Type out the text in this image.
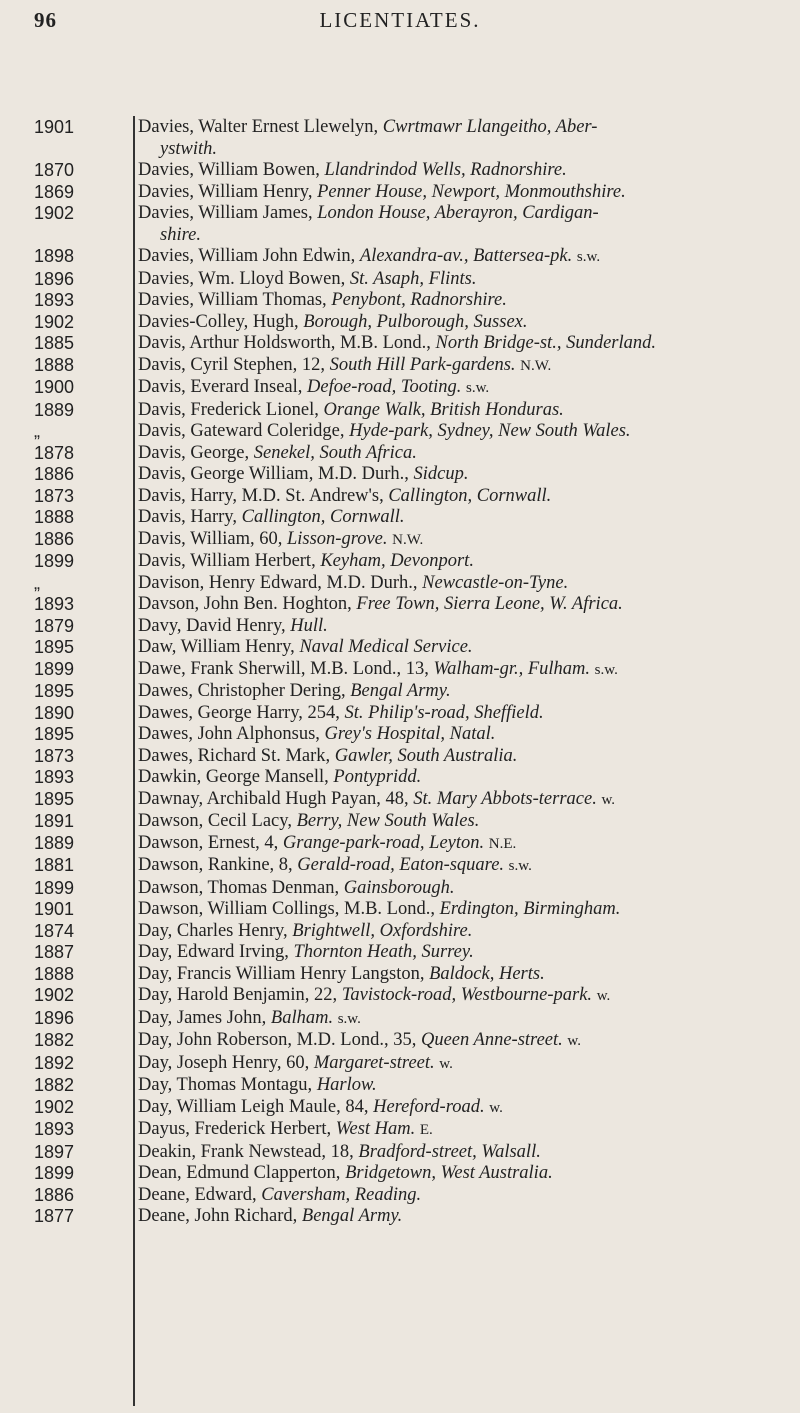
96	LICENTIATES.
1901	Davies, Walter Ernest Llewelyn, Cwrtmawr Llangeitho, Aber-
ystwith.
1870	Davies, William Bowen, Llandrindod Wells, Radnorshire.
1869	Davies, William Henry, Penner House, Newport, Monmouthshire.
1902	Davies, William James, London House, Aberayron, Cardigan-
shire.
1898	Davies, William John Edwin, Alexandra-av., Battersea-pk. s.w.
1896	Davies, Wm. Lloyd Bowen, St. Asaph, Flints.
1893	Davies, William Thomas, Penybont, Radnorshire.
1902	Davies-Colley, Hugh, Borough, Pulborough, Sussex.
1885	Davis, Arthur Holdsworth, M.B. Lond., North Bridge-st., Sunderland.
1888	Davis, Cyril Stephen, 12, South Hill Park-gardens. N.W.
1900	Davis, Everard Inseal, Defoe-road, Tooting. s.w.
1889	Davis, Frederick Lionel, Orange Walk, British Honduras.
„	Davis, Gateward Coleridge, Hyde-park, Sydney, New South Wales.
1878	Davis, George, Senekel, South Africa.
1886	Davis, George William, M.D. Durh., Sidcup.
1873	Davis, Harry, M.D. St. Andrew's, Callington, Cornwall.
1888	Davis, Harry, Callington, Cornwall.
1886	Davis, William, 60, Lisson-grove. N.W.
1899	Davis, William Herbert, Keyham, Devonport.
„	Davison, Henry Edward, M.D. Durh., Newcastle-on-Tyne.
1893	Davson, John Ben. Hoghton, Free Town, Sierra Leone, W. Africa.
1879	Davy, David Henry, Hull.
1895	Daw, William Henry, Naval Medical Service.
1899	Dawe, Frank Sherwill, M.B. Lond., 13, Walham-gr., Fulham. s.w.
1895	Dawes, Christopher Dering, Bengal Army.
1890	Dawes, George Harry, 254, St. Philip's-road, Sheffield.
1895	Dawes, John Alphonsus, Grey's Hospital, Natal.
1873	Dawes, Richard St. Mark, Gawler, South Australia.
1893	Dawkin, George Mansell, Pontypridd.
1895	Dawnay, Archibald Hugh Payan, 48, St. Mary Abbots-terrace. w.
1891	Dawson, Cecil Lacy, Berry, New South Wales.
1889	Dawson, Ernest, 4, Grange-park-road, Leyton. N.E.
1881	Dawson, Rankine, 8, Gerald-road, Eaton-square. s.w.
1899	Dawson, Thomas Denman, Gainsborough.
1901	Dawson, William Collings, M.B. Lond., Erdington, Birmingham.
1874	Day, Charles Henry, Brightwell, Oxfordshire.
1887	Day, Edward Irving, Thornton Heath, Surrey.
1888	Day, Francis William Henry Langston, Baldock, Herts.
1902	Day, Harold Benjamin, 22, Tavistock-road, Westbourne-park. w.
1896	Day, James John, Balham. s.w.
1882	Day, John Roberson, M.D. Lond., 35, Queen Anne-street. w.
1892	Day, Joseph Henry, 60, Margaret-street. w.
1882	Day, Thomas Montagu, Harlow.
1902	Day, William Leigh Maule, 84, Hereford-road. w.
1893	Dayus, Frederick Herbert, West Ham. E.
1897	Deakin, Frank Newstead, 18, Bradford-street, Walsall.
1899	Dean, Edmund Clapperton, Bridgetown, West Australia.
1886	Deane, Edward, Caversham, Reading.
1877	Deane, John Richard, Bengal Army.
